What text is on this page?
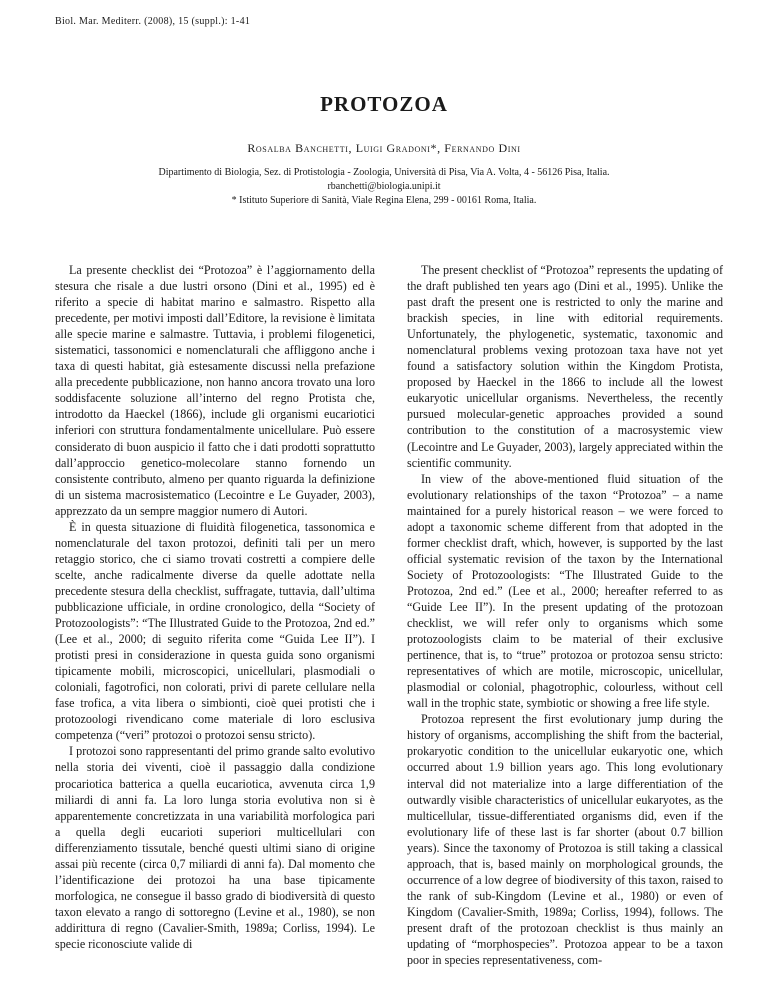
Biol. Mar. Mediterr. (2008), 15 (suppl.): 1-41
PROTOZOA
Rosalba Banchetti, Luigi Gradoni*, Fernando Dini
Dipartimento di Biologia, Sez. di Protistologia - Zoologia, Università di Pisa, Via A. Volta, 4 - 56126 Pisa, Italia.
rbanchetti@biologia.unipi.it
* Istituto Superiore di Sanità, Viale Regina Elena, 299 - 00161 Roma, Italia.

La presente checklist dei “Protozoa” è l’aggiornamento della stesura che risale a due lustri orsono (Dini et al., 1995) ed è riferito a specie di habitat marino e salmastro. Rispetto alla precedente, per motivi imposti dall’Editore, la revisione è limitata alle specie marine e salmastre. Tuttavia, i problemi filogenetici, sistematici, tassonomici e nomenclaturali che affliggono anche i taxa di questi habitat, già estesamente discussi nella prefazione alla precedente pubblicazione, non hanno ancora trovato una loro soddisfacente soluzione all’interno del regno Protista che, introdotto da Haeckel (1866), include gli organismi eucariotici inferiori con struttura fondamentalmente unicellulare. Può essere considerato di buon auspicio il fatto che i dati prodotti soprattutto dall’approccio genetico-molecolare stanno fornendo un consistente contributo, almeno per quanto riguarda la definizione di un sistema macrosistematico (Lecointre e Le Guyader, 2003), apprezzato da un sempre maggior numero di Autori.

È in questa situazione di fluidità filogenetica, tassonomica e nomenclaturale del taxon protozoi, definiti tali per un mero retaggio storico, che ci siamo trovati costretti a compiere delle scelte, anche radicalmente diverse da quelle adottate nella precedente stesura della checklist, suffragate, tuttavia, dall’ultima pubblicazione ufficiale, in ordine cronologico, della “Society of Protozoologists”: “The Illustrated Guide to the Protozoa, 2nd ed.” (Lee et al., 2000; di seguito riferita come “Guida Lee II”). I protisti presi in considerazione in questa guida sono organismi tipicamente mobili, microscopici, unicellulari, plasmodiali o coloniali, fagotrofici, non colorati, privi di parete cellulare nella fase trofica, a vita libera o simbionti, cioè quei protisti che i protozoologi rivendicano come materiale di loro esclusiva competenza (“veri” protozoi o protozoi sensu stricto).

I protozoi sono rappresentanti del primo grande salto evolutivo nella storia dei viventi, cioè il passaggio dalla condizione procariotica batterica a quella eucariotica, avvenuta circa 1,9 miliardi di anni fa. La loro lunga storia evolutiva non si è apparentemente concretizzata in una variabilità morfologica pari a quella degli eucarioti superiori multicellulari con differenziamento tissutale, benché questi ultimi siano di origine assai più recente (circa 0,7 miliardi di anni fa). Dal momento che l’identificazione dei protozoi ha una base tipicamente morfologica, ne consegue il basso grado di biodiversità di questo taxon elevato a rango di sottoregno (Levine et al., 1980), se non addirittura di regno (Cavalier-Smith, 1989a; Corliss, 1994). Le specie riconosciute valide di

The present checklist of “Protozoa” represents the updating of the draft published ten years ago (Dini et al., 1995). Unlike the past draft the present one is restricted to only the marine and brackish species, in line with editorial requirements. Unfortunately, the phylogenetic, systematic, taxonomic and nomenclatural problems vexing protozoan taxa have not yet found a satisfactory solution within the Kingdom Protista, proposed by Haeckel in the 1866 to include all the lowest eukaryotic unicellular organisms. Nevertheless, the recently pursued molecular-genetic approaches provided a sound contribution to the constitution of a macrosystemic view (Lecointre and Le Guyader, 2003), largely appreciated within the scientific community.

In view of the above-mentioned fluid situation of the evolutionary relationships of the taxon “Protozoa” – a name maintained for a purely historical reason – we were forced to adopt a taxonomic scheme different from that adopted in the former checklist draft, which, however, is supported by the last official systematic revision of the taxon by the International Society of Protozoologists: “The Illustrated Guide to the Protozoa, 2nd ed.” (Lee et al., 2000; hereafter referred to as “Guide Lee II”). In the present updating of the protozoan checklist, we will refer only to organisms which some protozoologists claim to be material of their exclusive pertinence, that is, to “true” protozoa or protozoa sensu stricto: representatives of which are motile, microscopic, unicellular, plasmodial or colonial, phagotrophic, colourless, without cell wall in the trophic state, symbiotic or showing a free life style.

Protozoa represent the first evolutionary jump during the history of organisms, accomplishing the shift from the bacterial, prokaryotic condition to the unicellular eukaryotic one, which occurred about 1.9 billion years ago. This long evolutionary interval did not materialize into a large differentiation of the outwardly visible characteristics of unicellular eukaryotes, as the multicellular, tissue-differentiated organisms did, even if the evolutionary life of these last is far shorter (about 0.7 billion years). Since the taxonomy of Protozoa is still taking a classical approach, that is, based mainly on morphological grounds, the occurrence of a low degree of biodiversity of this taxon, raised to the rank of sub-Kingdom (Levine et al., 1980) or even of Kingdom (Cavalier-Smith, 1989a; Corliss, 1994), follows. The present draft of the protozoan checklist is thus mainly an updating of “morphospecies”. Protozoa appear to be a taxon poor in species representativeness, com-
